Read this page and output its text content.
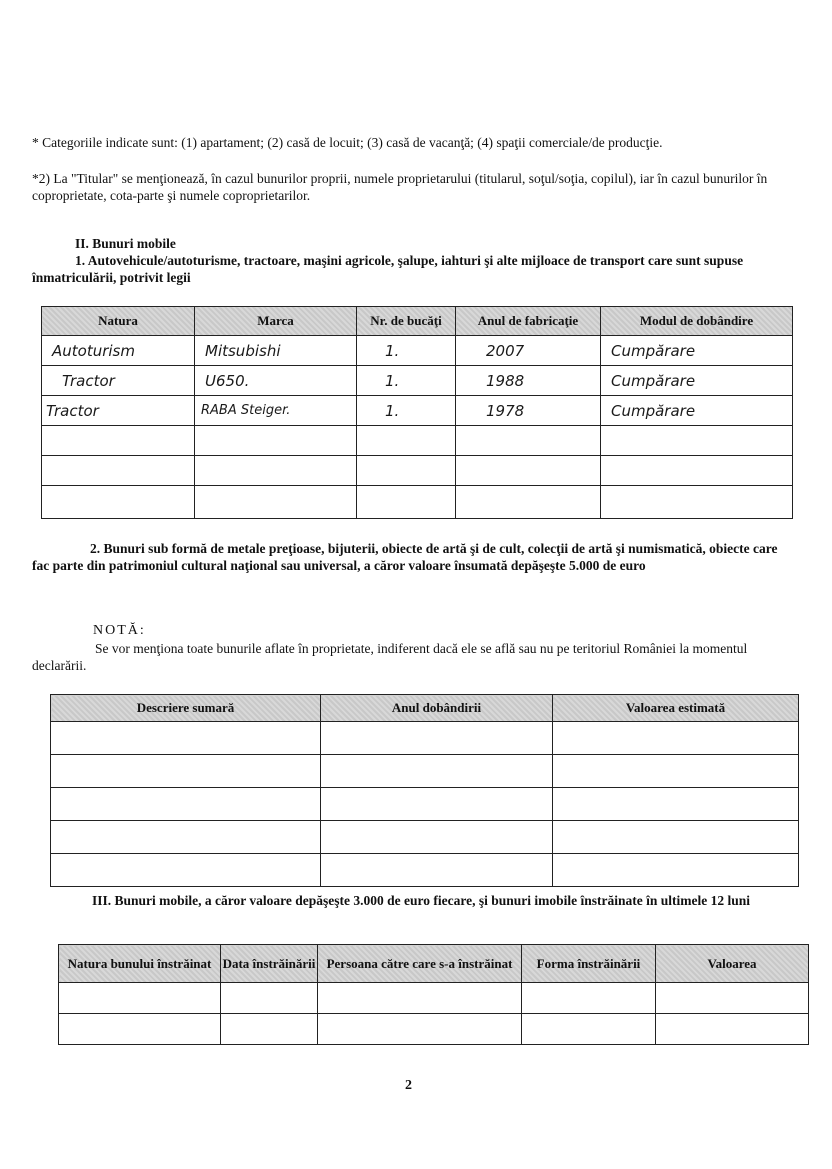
* Categoriile indicate sunt: (1) apartament; (2) casă de locuit; (3) casă de vacanţă; (4) spaţii comerciale/de producţie.
*2) La "Titular" se menţionează, în cazul bunurilor proprii, numele proprietarului (titularul, soţul/soţia, copilul), iar în cazul bunurilor în coproprietate, cota-parte şi numele coproprietarilor.
II. Bunuri mobile
1. Autovehicule/autoturisme, tractoare, maşini agricole, şalupe, iahturi şi alte mijloace de transport care sunt supuse înmatriculării, potrivit legii
Natura	Marca	Nr. de bucăţi	Anul de fabricaţie	Modul de dobândire
Autoturism	Mitsubishi	1.	2007	Cumpărare
Tractor	U650.	1.	1988	Cumpărare
Tractor	RABA Steiger.	1.	1978	Cumpărare

2. Bunuri sub formă de metale preţioase, bijuterii, obiecte de artă şi de cult, colecţii de artă şi numismatică, obiecte care fac parte din patrimoniul cultural naţional sau universal, a căror valoare însumată depăşeşte 5.000 de euro
NOTĂ:
Se vor menţiona toate bunurile aflate în proprietate, indiferent dacă ele se află sau nu pe teritoriul României la momentul declarării.
Descriere sumară	Anul dobândirii	Valoarea estimată

III. Bunuri mobile, a căror valoare depăşeşte 3.000 de euro fiecare, şi bunuri imobile înstrăinate în ultimele 12 luni
Natura bunului înstrăinat	Data înstrăinării	Persoana către care s-a înstrăinat	Forma înstrăinării	Valoarea

2
